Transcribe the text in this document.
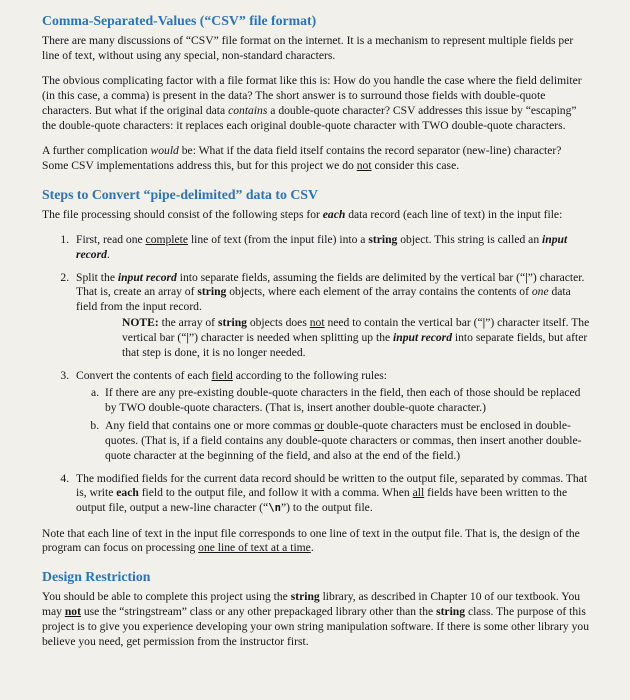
Comma-Separated-Values (“CSV” file format)
There are many discussions of “CSV” file format on the internet. It is a mechanism to represent multiple fields per line of text, without using any special, non-standard characters.
The obvious complicating factor with a file format like this is: How do you handle the case where the field delimiter (in this case, a comma) is present in the data? The short answer is to surround those fields with double-quote characters. But what if the original data contains a double-quote character? CSV addresses this issue by “escaping” the double-quote characters: it replaces each original double-quote character with TWO double-quote characters.
A further complication would be: What if the data field itself contains the record separator (new-line) character? Some CSV implementations address this, but for this project we do not consider this case.
Steps to Convert “pipe-delimited” data to CSV
The file processing should consist of the following steps for each data record (each line of text) in the input file:
1. First, read one complete line of text (from the input file) into a string object. This string is called an input record.
2. Split the input record into separate fields, assuming the fields are delimited by the vertical bar (“|”) character. That is, create an array of string objects, where each element of the array contains the contents of one data field from the input record.
NOTE: the array of string objects does not need to contain the vertical bar (“|”) character itself. The vertical bar (“|”) character is needed when splitting up the input record into separate fields, but after that step is done, it is no longer needed.
3. Convert the contents of each field according to the following rules:
a. If there are any pre-existing double-quote characters in the field, then each of those should be replaced by TWO double-quote characters. (That is, insert another double-quote character.)
b. Any field that contains one or more commas or double-quote characters must be enclosed in double-quotes. (That is, if a field contains any double-quote characters or commas, then insert another double-quote character at the beginning of the field, and also at the end of the field.)
4. The modified fields for the current data record should be written to the output file, separated by commas. That is, write each field to the output file, and follow it with a comma. When all fields have been written to the output file, output a new-line character (“\n”) to the output file.
Note that each line of text in the input file corresponds to one line of text in the output file. That is, the design of the program can focus on processing one line of text at a time.
Design Restriction
You should be able to complete this project using the string library, as described in Chapter 10 of our textbook. You may not use the “stringstream” class or any other prepackaged library other than the string class. The purpose of this project is to give you experience developing your own string manipulation software. If there is some other library you believe you need, get permission from the instructor first.
